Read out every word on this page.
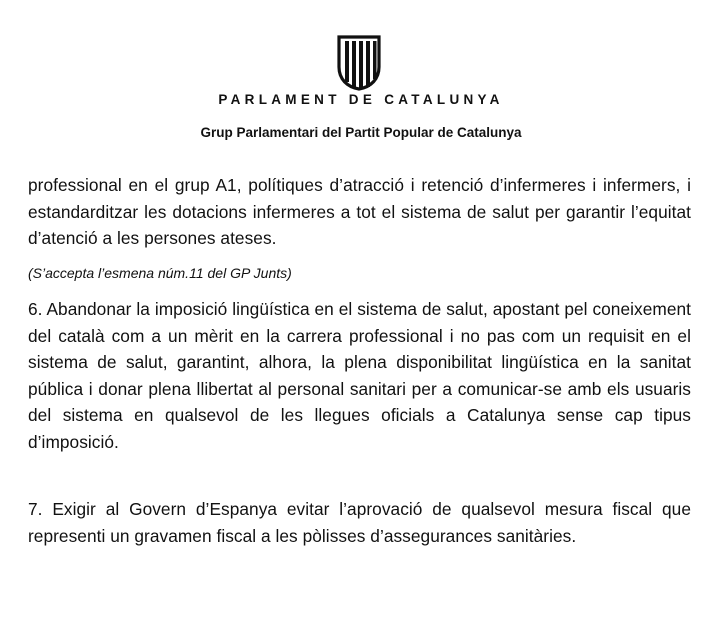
PARLAMENT DE CATALUNYA
Grup Parlamentari del Partit Popular de Catalunya

professional en el grup A1, polítiques d’atracció i retenció d’infermeres i infermers, i estandarditzar les dotacions infermeres a tot el sistema de salut per garantir l’equitat d’atenció a les persones ateses.

(S’accepta l’esmena núm.11 del GP Junts)

6. Abandonar la imposició lingüística en el sistema de salut, apostant pel coneixement del català com a un mèrit en la carrera professional i no pas com un requisit en el sistema de salut, garantint, alhora, la plena disponibilitat lingüística en la sanitat pública i donar plena llibertat al personal sanitari per a comunicar-se amb els usuaris del sistema en qualsevol de les llegues oficials a Catalunya sense cap tipus d’imposició.

7. Exigir al Govern d’Espanya evitar l’aprovació de qualsevol mesura fiscal que representi un gravamen fiscal a les pòlisses d’assegurances sanitàries.
